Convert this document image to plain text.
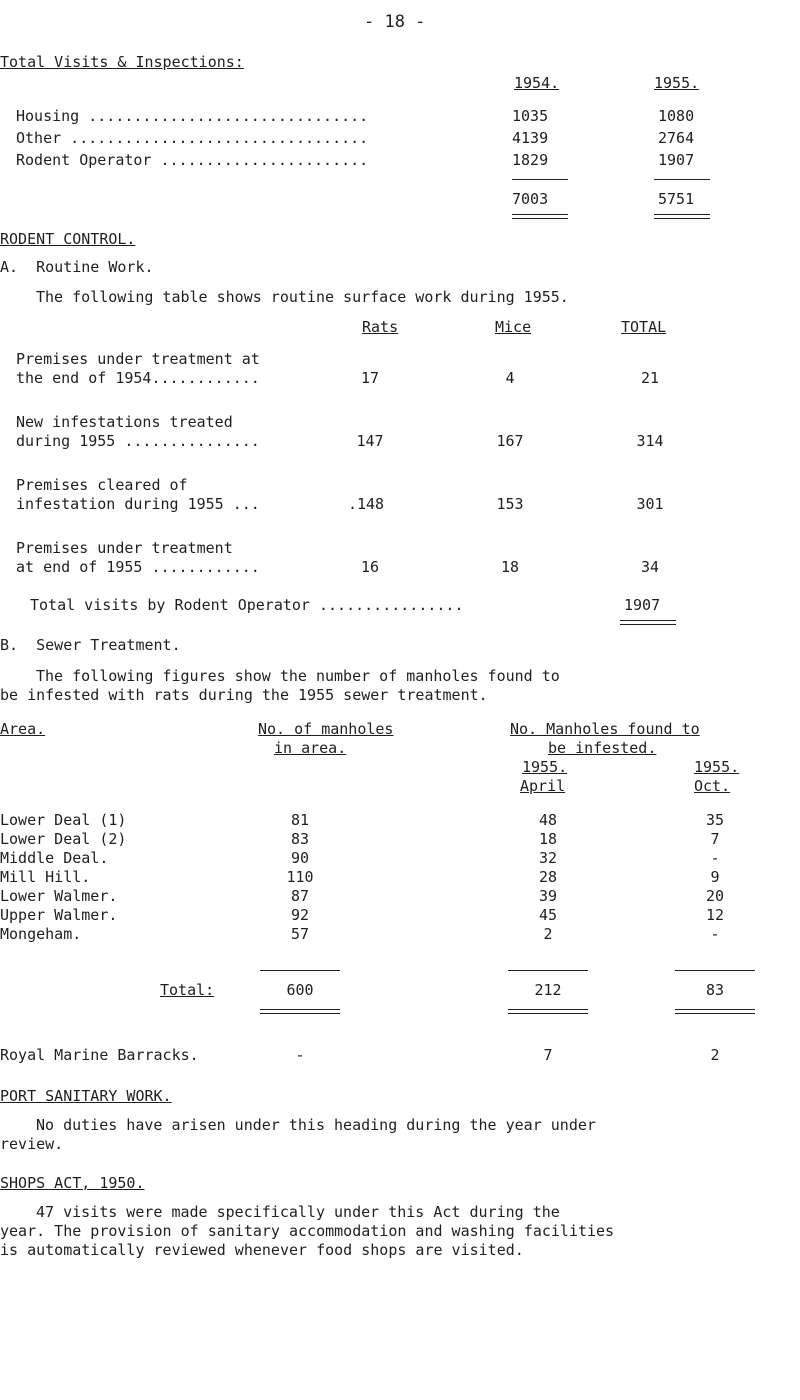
- 18 -
Total Visits & Inspections:
1954.	1955.
Housing ...............................	1035	1080
Other .................................	4139	2764
Rodent Operator .......................	1829	1907
7003	5751
RODENT CONTROL.
A.  Routine Work.
The following table shows routine surface work during 1955.
Rats	Mice	TOTAL
Premises under treatment at
the end of 1954............	17	4	21
New infestations treated
during 1955 ...............	147	167	314
Premises cleared of
infestation during 1955 ...	.148	153	301
Premises under treatment
at end of 1955 ............	16	18	34
Total visits by Rodent Operator ................	1907
B.  Sewer Treatment.
The following figures show the number of manholes found to
be infested with rats during the 1955 sewer treatment.
Area.	No. of manholes
in area.
No. Manholes found to
be infested.
1955.
April
1955.
Oct.
Lower Deal (1)	81	48	35
Lower Deal (2)	83	18	7
Middle Deal.	90	32	-
Mill Hill.	110	28	9
Lower Walmer.	87	39	20
Upper Walmer.	92	45	12
Mongeham.	57	2	-
Total:	600	212	83
Royal Marine Barracks.	-	7	2
PORT SANITARY WORK.
No duties have arisen under this heading during the year under
review.
SHOPS ACT, 1950.
47 visits were made specifically under this Act during the
year. The provision of sanitary accommodation and washing facilities
is automatically reviewed whenever food shops are visited.
